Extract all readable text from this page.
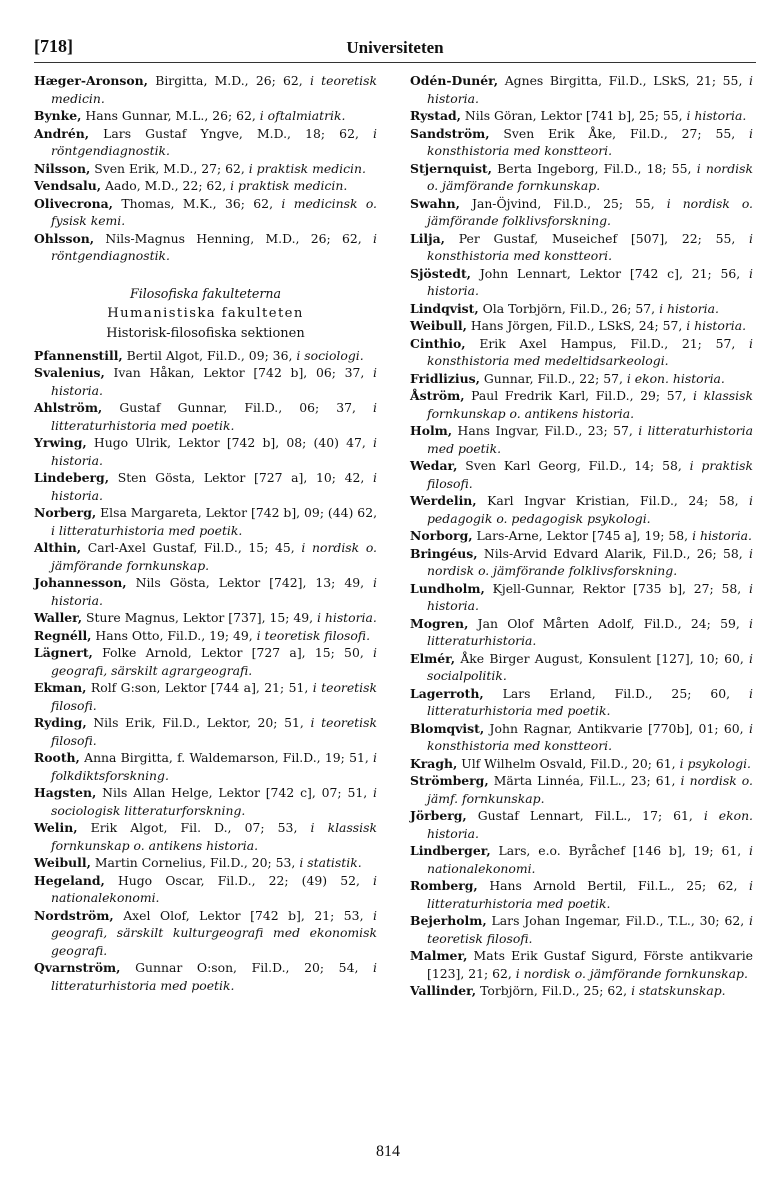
[718]	Universiteten

Hæger-Aronson, Birgitta, M.D., 26; 62, i teoretisk medicin.

Bynke, Hans Gunnar, M.L., 26; 62, i oftalmiatrik.

Andrén, Lars Gustaf Yngve, M.D., 18; 62, i röntgendiagnostik.

Nilsson, Sven Erik, M.D., 27; 62, i praktisk medicin.

Vendsalu, Aado, M.D., 22; 62, i praktisk medicin.

Olivecrona, Thomas, M.K., 36; 62, i medicinsk o. fysisk kemi.

Ohlsson, Nils-Magnus Henning, M.D., 26; 62, i röntgendiagnostik.

Filosofiska fakulteterna
Humanistiska fakulteten
Historisk-filosofiska sektionen

Pfannenstill, Bertil Algot, Fil.D., 09; 36, i sociologi.

Svalenius, Ivan Håkan, Lektor [742 b], 06; 37, i historia.

Ahlström, Gustaf Gunnar, Fil.D., 06; 37, i litteraturhistoria med poetik.

Yrwing, Hugo Ulrik, Lektor [742 b], 08; (40) 47, i historia.

Lindeberg, Sten Gösta, Lektor [727 a], 10; 42, i historia.

Norberg, Elsa Margareta, Lektor [742 b], 09; (44) 62, i litteraturhistoria med poetik.

Althin, Carl-Axel Gustaf, Fil.D., 15; 45, i nordisk o. jämförande fornkunskap.

Johannesson, Nils Gösta, Lektor [742], 13; 49, i historia.

Waller, Sture Magnus, Lektor [737], 15; 49, i historia.

Regnéll, Hans Otto, Fil.D., 19; 49, i teoretisk filosofi.

Lägnert, Folke Arnold, Lektor [727 a], 15; 50, i geografi, särskilt agrargeografi.

Ekman, Rolf G:son, Lektor [744 a], 21; 51, i teoretisk filosofi.

Ryding, Nils Erik, Fil.D., Lektor, 20; 51, i teoretisk filosofi.

Rooth, Anna Birgitta, f. Waldemarson, Fil.D., 19; 51, i folkdiktsforskning.

Hagsten, Nils Allan Helge, Lektor [742 c], 07; 51, i sociologisk litteraturforskning.

Welin, Erik Algot, Fil. D., 07; 53, i klassisk fornkunskap o. antikens historia.

Weibull, Martin Cornelius, Fil.D., 20; 53, i statistik.

Hegeland, Hugo Oscar, Fil.D., 22; (49) 52, i nationalekonomi.

Nordström, Axel Olof, Lektor [742 b], 21; 53, i geografi, särskilt kulturgeografi med ekonomisk geografi.

Qvarnström, Gunnar O:son, Fil.D., 20; 54, i litteraturhistoria med poetik.

Odén-Dunér, Agnes Birgitta, Fil.D., LSkS, 21; 55, i historia.

Rystad, Nils Göran, Lektor [741 b], 25; 55, i historia.

Sandström, Sven Erik Åke, Fil.D., 27; 55, i konsthistoria med konstteori.

Stjernquist, Berta Ingeborg, Fil.D., 18; 55, i nordisk o. jämförande fornkunskap.

Swahn, Jan-Öjvind, Fil.D., 25; 55, i nordisk o. jämförande folklivsforskning.

Lilja, Per Gustaf, Museichef [507], 22; 55, i konsthistoria med konstteori.

Sjöstedt, John Lennart, Lektor [742 c], 21; 56, i historia.

Lindqvist, Ola Torbjörn, Fil.D., 26; 57, i historia.

Weibull, Hans Jörgen, Fil.D., LSkS, 24; 57, i historia.

Cinthio, Erik Axel Hampus, Fil.D., 21; 57, i konsthistoria med medeltidsarkeologi.

Fridlizius, Gunnar, Fil.D., 22; 57, i ekon. historia.

Åström, Paul Fredrik Karl, Fil.D., 29; 57, i klassisk fornkunskap o. antikens historia.

Holm, Hans Ingvar, Fil.D., 23; 57, i litteraturhistoria med poetik.

Wedar, Sven Karl Georg, Fil.D., 14; 58, i praktisk filosofi.

Werdelin, Karl Ingvar Kristian, Fil.D., 24; 58, i pedagogik o. pedagogisk psykologi.

Norborg, Lars-Arne, Lektor [745 a], 19; 58, i historia.

Bringéus, Nils-Arvid Edvard Alarik, Fil.D., 26; 58, i nordisk o. jämförande folklivsforskning.

Lundholm, Kjell-Gunnar, Rektor [735 b], 27; 58, i historia.

Mogren, Jan Olof Mårten Adolf, Fil.D., 24; 59, i litteraturhistoria.

Elmér, Åke Birger August, Konsulent [127], 10; 60, i socialpolitik.

Lagerroth, Lars Erland, Fil.D., 25; 60, i litteraturhistoria med poetik.

Blomqvist, John Ragnar, Antikvarie [770b], 01; 60, i konsthistoria med konstteori.

Kragh, Ulf Wilhelm Osvald, Fil.D., 20; 61, i psykologi.

Strömberg, Märta Linnéa, Fil.L., 23; 61, i nordisk o. jämf. fornkunskap.

Jörberg, Gustaf Lennart, Fil.L., 17; 61, i ekon. historia.

Lindberger, Lars, e.o. Byråchef [146 b], 19; 61, i nationalekonomi.

Romberg, Hans Arnold Bertil, Fil.L., 25; 62, i litteraturhistoria med poetik.

Bejerholm, Lars Johan Ingemar, Fil.D., T.L., 30; 62, i teoretisk filosofi.

Malmer, Mats Erik Gustaf Sigurd, Förste antikvarie [123], 21; 62, i nordisk o. jämförande fornkunskap.

Vallinder, Torbjörn, Fil.D., 25; 62, i statskunskap.

814
